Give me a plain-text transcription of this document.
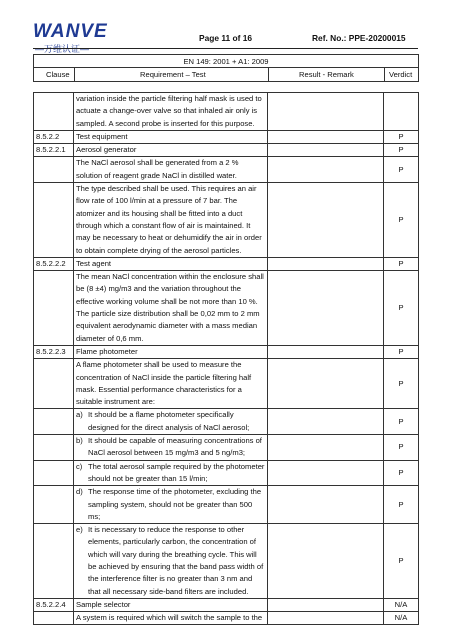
WANVE
—万维认证—
Page 11 of 16	Ref. No.: PPE-20200015
EN 149: 2001 + A1: 2009
Clause	Requirement – Test	Result - Remark	Verdict
	variation inside the particle filtering half mask is used to actuate a change-over valve so that inhaled air only is sampled. A second probe is inserted for this purpose.		
8.5.2.2	Test equipment		P
8.5.2.2.1	Aerosol generator		P
	The NaCl aerosol shall be generated from a 2 % solution of reagent grade NaCl in distilled water.		P
	The type described shall be used. This requires an air flow rate of 100 l/min at a pressure of 7 bar. The atomizer and its housing shall be fitted into a duct through which a constant flow of air is maintained. It may be necessary to heat or dehumidify the air in order to obtain complete drying of the aerosol particles.		P
8.5.2.2.2	Test agent		P
	The mean NaCl concentration within the enclosure shall be (8 ±4) mg/m3 and the variation throughout the effective working volume shall be not more than 10 %. The particle size distribution shall be 0,02 mm to 2 mm equivalent aerodynamic diameter with a mass median diameter of 0,6 mm.		P
8.5.2.2.3	Flame photometer		P
	A flame photometer shall be used to measure the concentration of NaCl inside the particle filtering half mask. Essential performance characteristics for a suitable instrument are:		P

	a) It should be a flame photometer specifically designed for the direct analysis of NaCl aerosol;		P

	b) It should be capable of measuring concentrations of NaCl aerosol between 15 mg/m3 and 5 ng/m3;		P

	c) The total aerosol sample required by the photometer should not be greater than 15 l/min;		P

	d) The response time of the photometer, excluding the sampling system, should not be greater than 500 ms;		P

	e) It is necessary to reduce the response to other elements, particularly carbon, the concentration of which will vary during the breathing cycle. This will be achieved by ensuring that the band pass width of the interference filter is no greater than 3 nm and that all necessary side-band filters are included.		P
8.5.2.2.4	Sample selector		N/A
	A system is required which will switch the sample to the		N/A
